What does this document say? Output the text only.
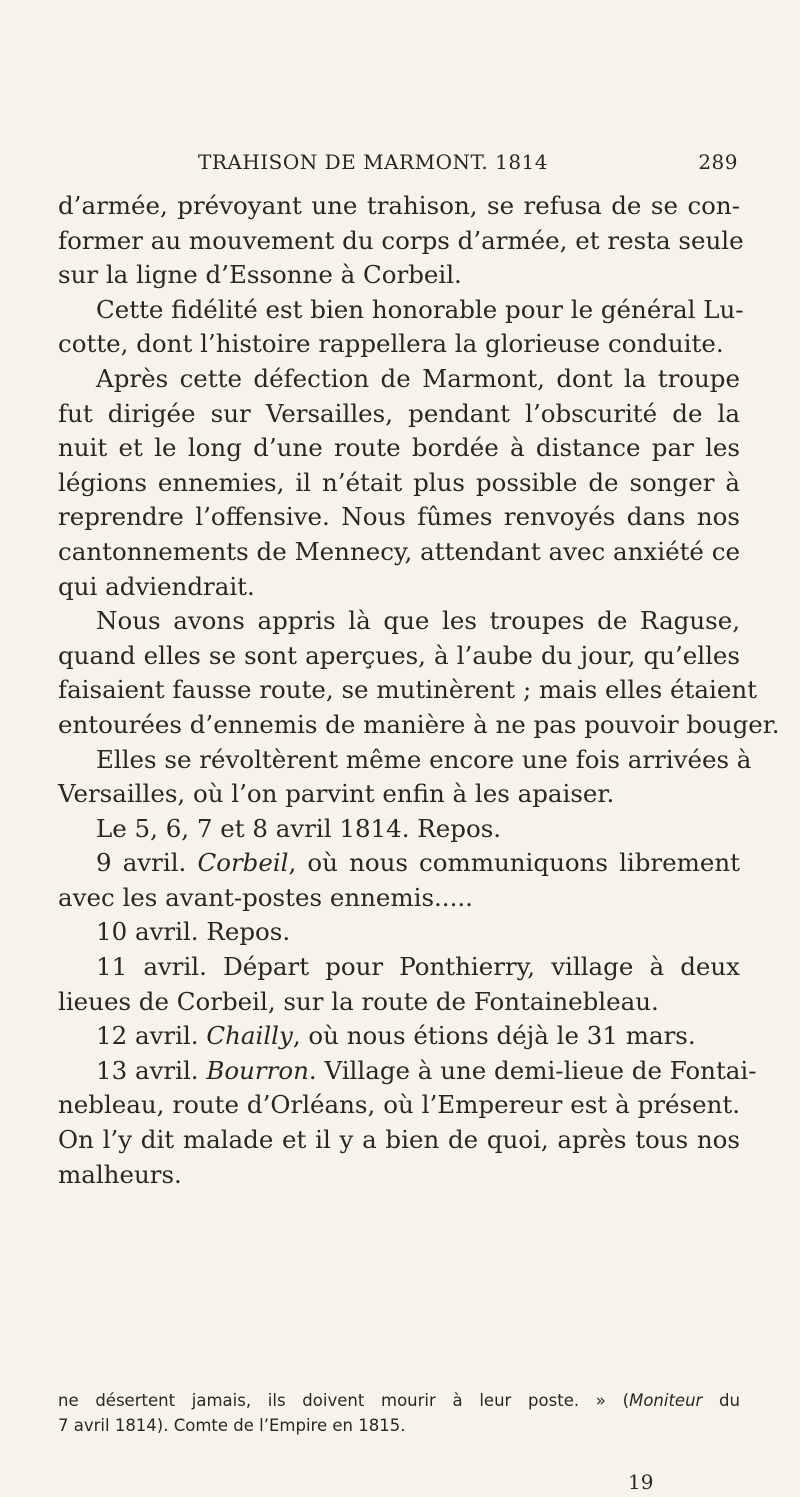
TRAHISON DE MARMONT. 1814	289
d’armée, prévoyant une trahison, se refusa de se con-
former au mouvement du corps d’armée, et resta seule
sur la ligne d’Essonne à Corbeil.
Cette fidélité est bien honorable pour le général Lu-
cotte, dont l’histoire rappellera la glorieuse conduite.
Après cette défection de Marmont, dont la troupe
fut dirigée sur Versailles, pendant l’obscurité de la
nuit et le long d’une route bordée à distance par les
légions ennemies, il n’était plus possible de songer à
reprendre l’offensive. Nous fûmes renvoyés dans nos
cantonnements de Mennecy, attendant avec anxiété ce
qui adviendrait.
Nous avons appris là que les troupes de Raguse,
quand elles se sont aperçues, à l’aube du jour, qu’elles
faisaient fausse route, se mutinèrent ; mais elles étaient
entourées d’ennemis de manière à ne pas pouvoir bouger.
Elles se révoltèrent même encore une fois arrivées à
Versailles, où l’on parvint enfin à les apaiser.
Le 5, 6, 7 et 8 avril 1814. Repos.
9 avril. Corbeil, où nous communiquons librement
avec les avant-postes ennemis.....
10 avril. Repos.
11 avril. Départ pour Ponthierry, village à deux
lieues de Corbeil, sur la route de Fontainebleau.
12 avril. Chailly, où nous étions déjà le 31 mars.
13 avril. Bourron. Village à une demi-lieue de Fontai-
nebleau, route d’Orléans, où l’Empereur est à présent.
On l’y dit malade et il y a bien de quoi, après tous nos
malheurs.
ne désertent jamais, ils doivent mourir à leur poste. » (Moniteur du
7 avril 1814). Comte de l’Empire en 1815.
19
